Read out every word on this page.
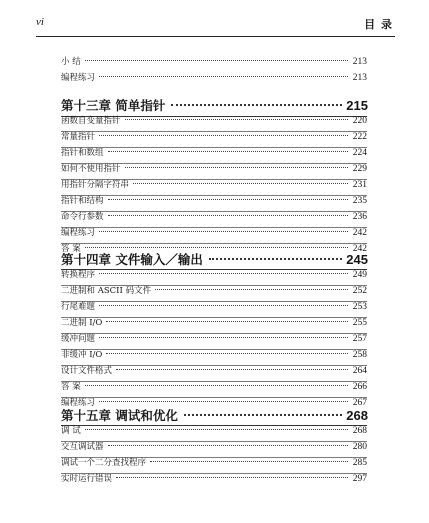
vi	目 录
小 结	213
编程练习	213
第十三章 简单指针	215
函数自变量指针	220
常量指针	222
指针和数组	224
如何不使用指针	229
用指针分隔字符串	231
指针和结构	235
命令行参数	236
编程练习	242
答 案	242
第十四章 文件输入／输出	245
转换程序	249
二进制和 ASCII 码文件	252
行尾难题	253
二进制 I/O	255
缓冲问题	257
非缓冲 I/O	258
设计文件格式	264
答 案	266
编程练习	267
第十五章 调试和优化	268
调 试	268
交互调试器	280
调试一个二分查找程序	285
实时运行错误	297
